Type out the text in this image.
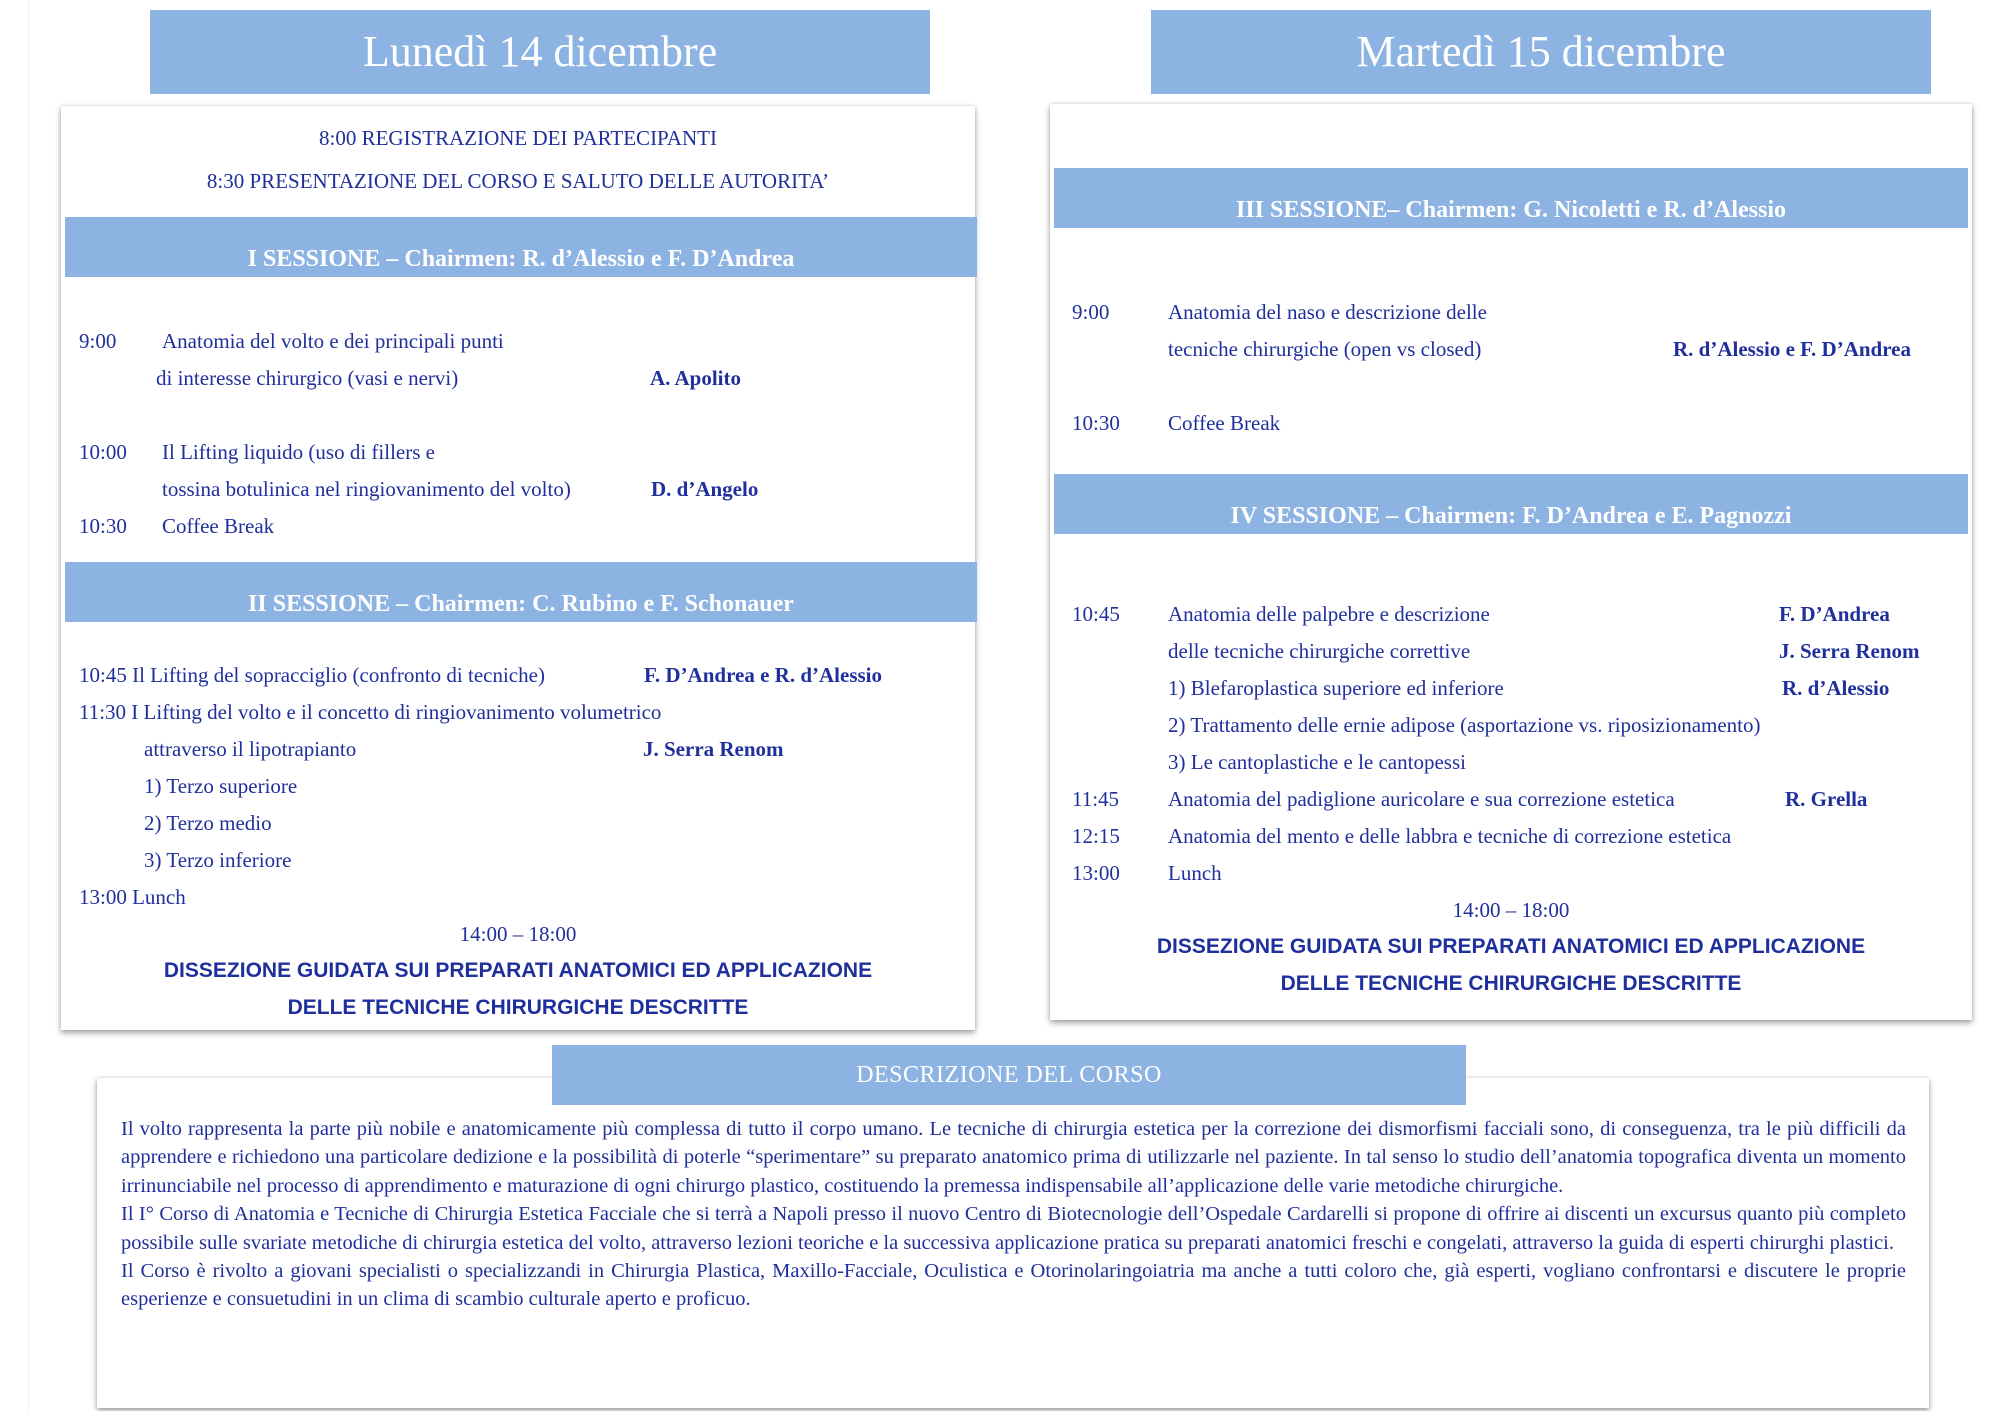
Lunedì 14 dicembre
8:00 REGISTRAZIONE DEI PARTECIPANTI
8:30 PRESENTAZIONE DEL CORSO E SALUTO DELLE AUTORITA’
I SESSIONE – Chairmen: R. d’Alessio e F. D’Andrea
9:00 Anatomia del volto e dei principali punti
di interesse chirurgico (vasi e nervi)	A. Apolito
10:00 Il Lifting liquido (uso di fillers e
tossina botulinica nel ringiovanimento del volto)	D. d’Angelo
10:30 Coffee Break
II SESSIONE – Chairmen: C. Rubino e F. Schonauer
10:45 Il Lifting del sopracciglio (confronto di tecniche)	F. D’Andrea e R. d’Alessio
11:30 I Lifting del volto e il concetto di ringiovanimento volumetrico
attraverso il lipotrapianto	J. Serra Renom
1) Terzo superiore
2) Terzo medio
3) Terzo inferiore
13:00 Lunch
14:00 – 18:00
DISSEZIONE GUIDATA SUI PREPARATI ANATOMICI ED APPLICAZIONE
DELLE TECNICHE CHIRURGICHE DESCRITTE
Martedì 15 dicembre
III SESSIONE– Chairmen: G. Nicoletti e R. d’Alessio
9:00	Anatomia del naso e descrizione delle
tecniche chirurgiche (open vs closed)	R. d’Alessio e F. D’Andrea
10:30 Coffee Break
IV SESSIONE – Chairmen: F. D’Andrea e E. Pagnozzi
10:45 Anatomia delle palpebre e descrizione	F. D’Andrea
delle tecniche chirurgiche correttive	J. Serra Renom
1) Blefaroplastica superiore ed inferiore	R. d’Alessio
2) Trattamento delle ernie adipose (asportazione vs. riposizionamento)
3) Le cantoplastiche e le cantopessi
11:45 Anatomia del padiglione auricolare e sua correzione estetica	R. Grella
12:15 Anatomia del mento e delle labbra e tecniche di correzione estetica
13:00 Lunch
14:00 – 18:00
DISSEZIONE GUIDATA SUI PREPARATI ANATOMICI ED APPLICAZIONE
DELLE TECNICHE CHIRURGICHE DESCRITTE
DESCRIZIONE DEL CORSO

Il volto rappresenta la parte più nobile e anatomicamente più complessa di tutto il corpo umano. Le tecniche di chirurgia estetica per la correzione dei dismorfismi facciali sono, di conseguenza, tra le più difficili da apprendere e richiedono una particolare dedizione e la possibilità di poterle “sperimentare” su preparato anatomico prima di utilizzarle nel paziente. In tal senso lo studio dell’anatomia topografica diventa un momento irrinunciabile nel processo di apprendimento e maturazione di ogni chirurgo plastico, costituendo la premessa indispensabile all’applicazione delle varie metodiche chirurgiche.

Il I° Corso di Anatomia e Tecniche di Chirurgia Estetica Facciale che si terrà a Napoli presso il nuovo Centro di Biotecnologie dell’Ospedale Cardarelli si propone di offrire ai discenti un excursus quanto più completo possibile sulle svariate metodiche di chirurgia estetica del volto, attraverso lezioni teoriche e la successiva applicazione pratica su preparati anatomici freschi e congelati, attraverso la guida di esperti chirurghi plastici.

Il Corso è rivolto a giovani specialisti o specializzandi in Chirurgia Plastica, Maxillo-Facciale, Oculistica e Otorinolaringoiatria ma anche a tutti coloro che, già esperti, vogliano confrontarsi e discutere le proprie esperienze e consuetudini in un clima di scambio culturale aperto e proficuo.
